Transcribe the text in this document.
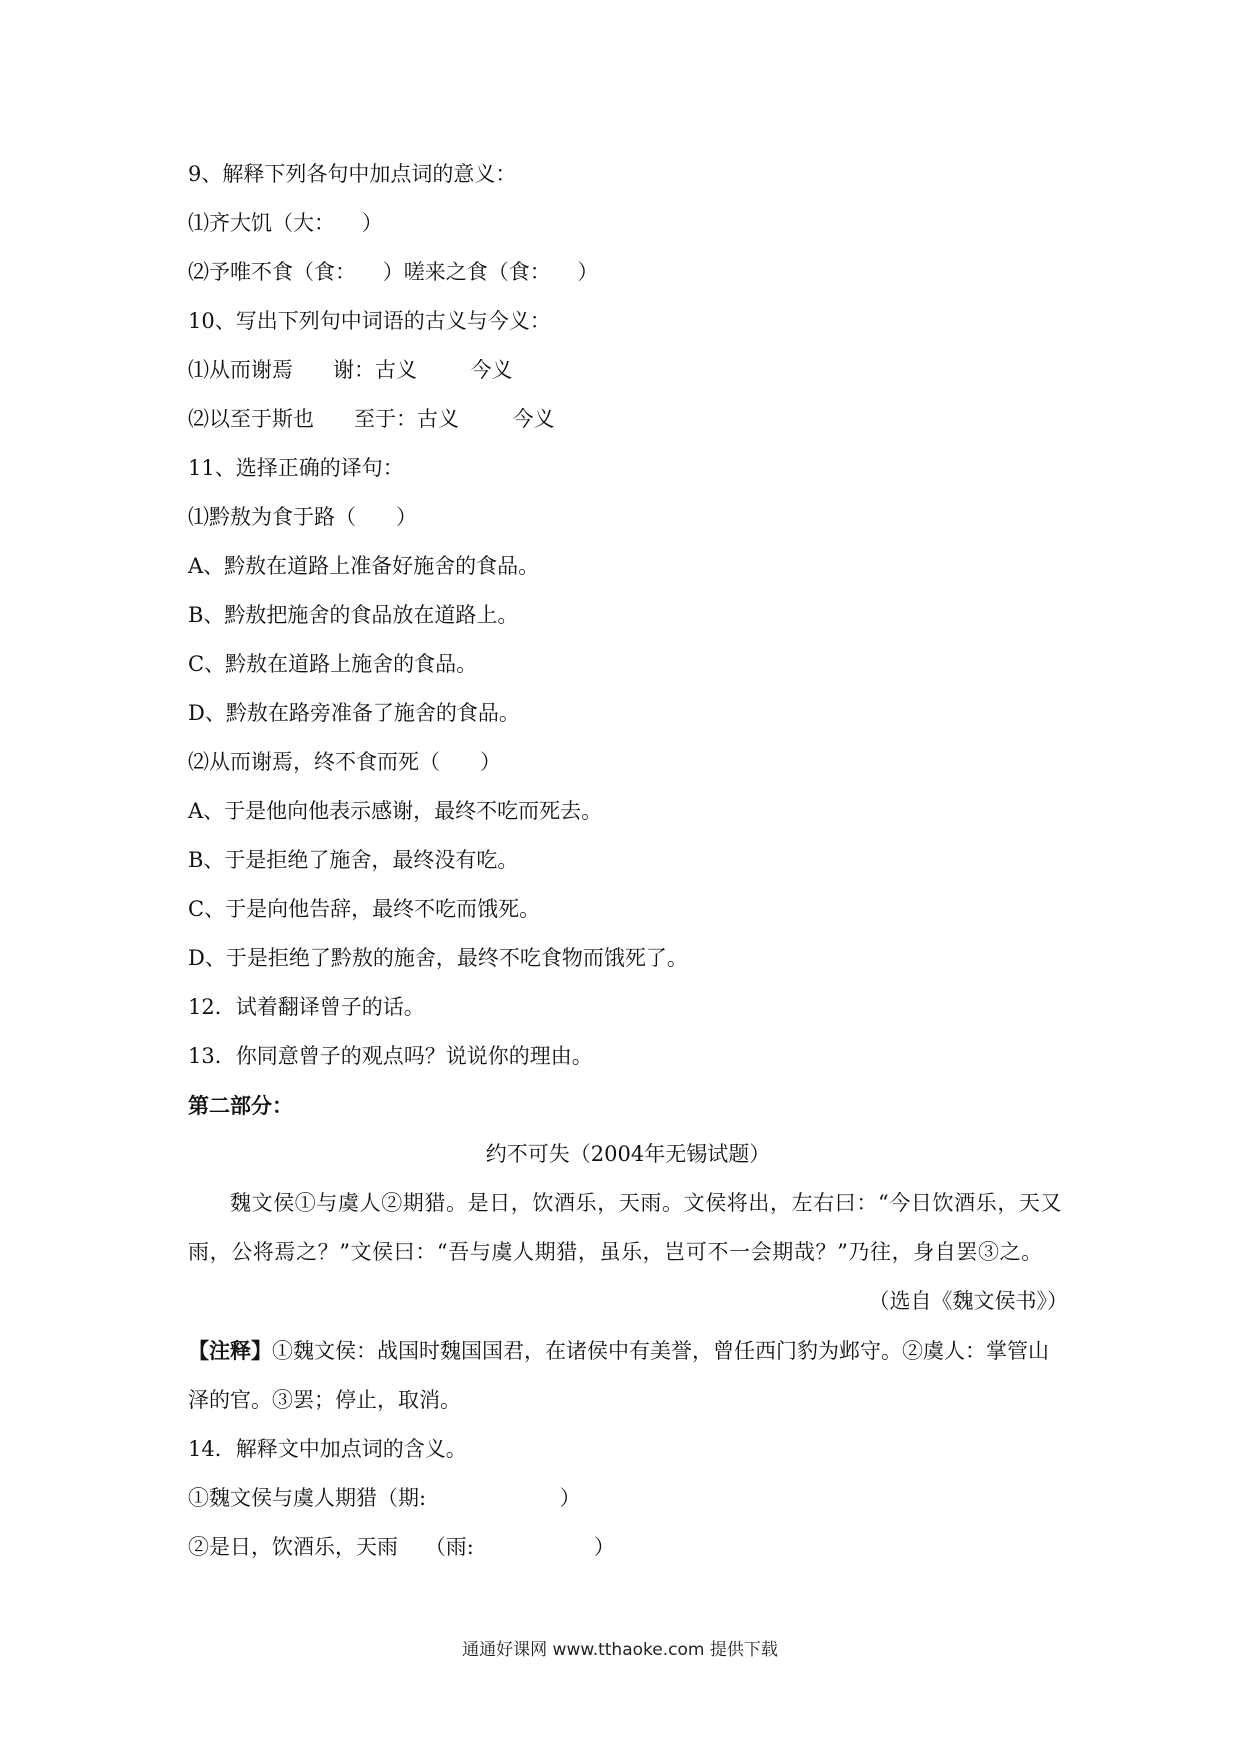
9、解释下列各句中加点词的意义：
⑴齐大饥（大：    ）
⑵予唯不食（食：    ）嗟来之食（食：    ）
10、写出下列句中词语的古义与今义：
⑴从而谢焉      谢：古义        今义
⑵以至于斯也      至于：古义        今义
11、选择正确的译句：
⑴黔敖为食于路（      ）
A、黔敖在道路上准备好施舍的食品。
B、黔敖把施舍的食品放在道路上。
C、黔敖在道路上施舍的食品。
D、黔敖在路旁准备了施舍的食品。
⑵从而谢焉，终不食而死（      ）
A、于是他向他表示感谢，最终不吃而死去。
B、于是拒绝了施舍，最终没有吃。
C、于是向他告辞，最终不吃而饿死。
D、于是拒绝了黔敖的施舍，最终不吃食物而饿死了。
12．试着翻译曾子的话。
13．你同意曾子的观点吗？说说你的理由。
第二部分：
约不可失（2004年无锡试题）
魏文侯①与虞人②期猎。是日，饮酒乐，天雨。文侯将出，左右曰：“今日饮酒乐，天又雨，公将焉之？”文侯曰：“吾与虞人期猎，虽乐，岂可不一会期哉？”乃往，身自罢③之。
（选自《魏文侯书》）
【注释】①魏文侯：战国时魏国国君，在诸侯中有美誉，曾任西门豹为邺守。②虞人：掌管山泽的官。③罢；停止，取消。
14．解释文中加点词的含义。
①魏文侯与虞人期猎（期:                    ）
②是日，饮酒乐，天雨    （雨:                  ）
通通好课网 www.tthaoke.com 提供下载
